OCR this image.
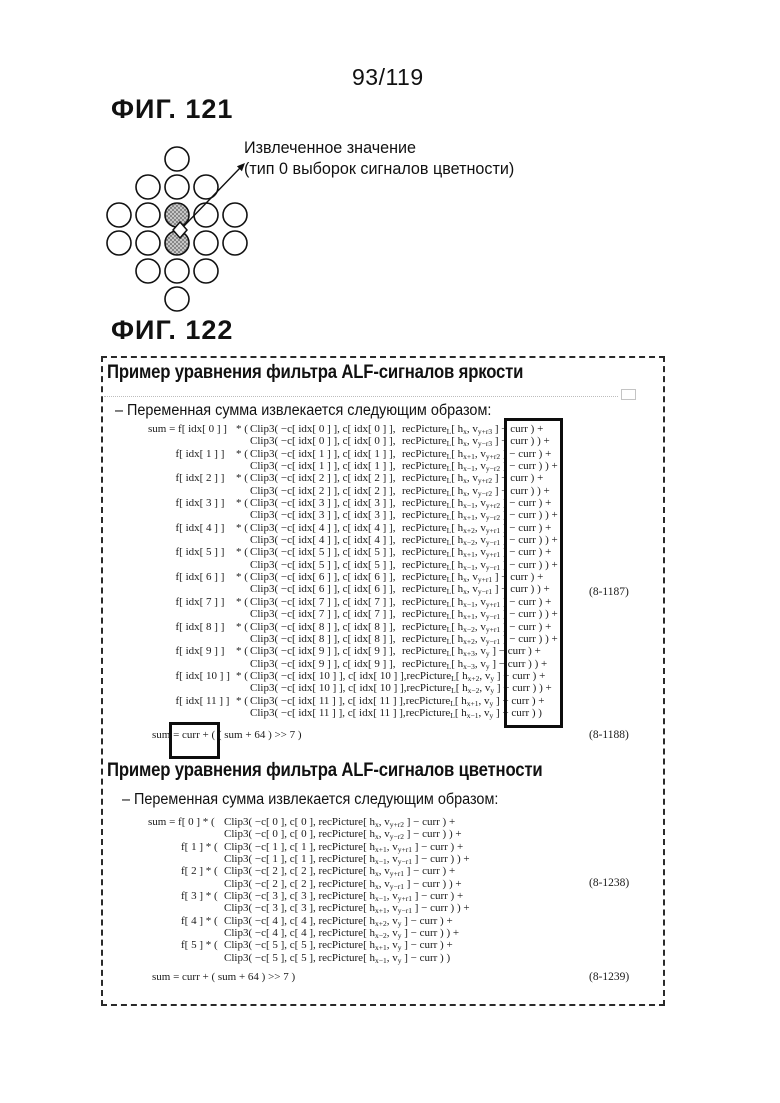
93/119
ФИГ. 121
Извлеченное значение
(тип 0 выборок сигналов цветности)
ФИГ. 122
Пример уравнения фильтра ALF-сигналов яркости
– Переменная сумма извлекается следующим образом:
sum = f[ idx[ 0 ] ] * ( Clip3( −c[ idx[ 0 ] ], c[ idx[ 0 ] ], recPicture$_L$[ $h_x$, $v_{y+r3}$ ] − curr ) +
Clip3( −c[ idx[ 0 ] ], c[ idx[ 0 ] ], recPicture$_L$[ $h_x$, $v_{y-r3}$ ] − curr ) ) +
f[ idx[ 1 ] ]	* ( Clip3( −c[ idx[ 1 ] ], c[ idx[ 1 ] ], recPicture$_L$[ $h_{x+1}$, $v_{y+r2}$ ] − curr ) +
Clip3( −c[ idx[ 1 ] ], c[ idx[ 1 ] ], recPicture$_L$[ $h_{x-1}$, $v_{y-r2}$ ] − curr ) ) +
f[ idx[ 2 ] ]	* ( Clip3( −c[ idx[ 2 ] ], c[ idx[ 2 ] ], recPicture$_L$[ $h_x$, $v_{y+r2}$ ] − curr ) +
Clip3( −c[ idx[ 2 ] ], c[ idx[ 2 ] ], recPicture$_L$[ $h_x$, $v_{y-r2}$ ] − curr ) ) +
f[ idx[ 3 ] ]	* ( Clip3( −c[ idx[ 3 ] ], c[ idx[ 3 ] ], recPicture$_L$[ $h_{x-1}$, $v_{y+r2}$ ] − curr ) +
Clip3( −c[ idx[ 3 ] ], c[ idx[ 3 ] ], recPicture$_L$[ $h_{x+1}$, $v_{y-r2}$ ] − curr ) ) +
f[ idx[ 4 ] ]	* ( Clip3( −c[ idx[ 4 ] ], c[ idx[ 4 ] ], recPicture$_L$[ $h_{x+2}$, $v_{y+r1}$ ] − curr ) +
Clip3( −c[ idx[ 4 ] ], c[ idx[ 4 ] ], recPicture$_L$[ $h_{x-2}$, $v_{y-r1}$ ] − curr ) ) +
f[ idx[ 5 ] ]	* ( Clip3( −c[ idx[ 5 ] ], c[ idx[ 5 ] ], recPicture$_L$[ $h_{x+1}$, $v_{y+r1}$ ] − curr ) +
Clip3( −c[ idx[ 5 ] ], c[ idx[ 5 ] ], recPicture$_L$[ $h_{x-1}$, $v_{y-r1}$ ] − curr ) ) +
f[ idx[ 6 ] ]	* ( Clip3( −c[ idx[ 6 ] ], c[ idx[ 6 ] ], recPicture$_L$[ $h_x$, $v_{y+r1}$ ] − curr ) +
Clip3( −c[ idx[ 6 ] ], c[ idx[ 6 ] ], recPicture$_L$[ $h_x$, $v_{y-r1}$ ] − curr ) ) +
f[ idx[ 7 ] ]	* ( Clip3( −c[ idx[ 7 ] ], c[ idx[ 7 ] ], recPicture$_L$[ $h_{x-1}$, $v_{y+r1}$ ] − curr ) +
Clip3( −c[ idx[ 7 ] ], c[ idx[ 7 ] ], recPicture$_L$[ $h_{x+1}$, $v_{y-r1}$ ] − curr ) ) +
f[ idx[ 8 ] ]	* ( Clip3( −c[ idx[ 8 ] ], c[ idx[ 8 ] ], recPicture$_L$[ $h_{x-2}$, $v_{y+r1}$ ] − curr ) +
Clip3( −c[ idx[ 8 ] ], c[ idx[ 8 ] ], recPicture$_L$[ $h_{x+2}$, $v_{y-r1}$ ] − curr ) ) +
f[ idx[ 9 ] ]	* ( Clip3( −c[ idx[ 9 ] ], c[ idx[ 9 ] ], recPicture$_L$[ $h_{x+3}$, $v_y$ ] − curr ) +
Clip3( −c[ idx[ 9 ] ], c[ idx[ 9 ] ], recPicture$_L$[ $h_{x-3}$, $v_y$ ] − curr ) ) +
f[ idx[ 10 ] ] * ( Clip3( −c[ idx[ 10 ] ], c[ idx[ 10 ] ], recPicture$_L$[ $h_{x+2}$, $v_y$ ] − curr ) +
Clip3( −c[ idx[ 10 ] ], c[ idx[ 10 ] ], recPicture$_L$[ $h_{x-2}$, $v_y$ ] − curr ) ) +
f[ idx[ 11 ] ] * ( Clip3( −c[ idx[ 11 ] ], c[ idx[ 11 ] ], recPicture$_L$[ $h_{x+1}$, $v_y$ ] − curr ) +
Clip3( −c[ idx[ 11 ] ], c[ idx[ 11 ] ], recPicture$_L$[ $h_{x-1}$, $v_y$ ] − curr ) )
(8-1187)
sum = curr + ( ( sum + 64 ) >> 7 )	(8-1188)
Пример уравнения фильтра ALF-сигналов цветности
– Переменная сумма извлекается следующим образом:
sum = f[ 0 ] * ( Clip3( −c[ 0 ], c[ 0 ], recPicture[ $h_x$, $v_{y+r2}$ ] − curr ) +
Clip3( −c[ 0 ], c[ 0 ], recPicture[ $h_x$, $v_{y-r2}$ ] − curr ) ) +
f[ 1 ] * ( Clip3( −c[ 1 ], c[ 1 ], recPicture[ $h_{x+1}$, $v_{y+r1}$ ] − curr ) +
Clip3( −c[ 1 ], c[ 1 ], recPicture[ $h_{x-1}$, $v_{y-r1}$ ] − curr ) ) +
f[ 2 ] * ( Clip3( −c[ 2 ], c[ 2 ], recPicture[ $h_x$, $v_{y+r1}$ ] − curr ) +
Clip3( −c[ 2 ], c[ 2 ], recPicture[ $h_x$, $v_{y-r1}$ ] − curr ) ) +
f[ 3 ] * ( Clip3( −c[ 3 ], c[ 3 ], recPicture[ $h_{x-1}$, $v_{y+r1}$ ] − curr ) +
Clip3( −c[ 3 ], c[ 3 ], recPicture[ $h_{x+1}$, $v_{y-r1}$ ] − curr ) ) +
f[ 4 ] * ( Clip3( −c[ 4 ], c[ 4 ], recPicture[ $h_{x+2}$, $v_y$ ] − curr ) +
Clip3( −c[ 4 ], c[ 4 ], recPicture[ $h_{x-2}$, $v_y$ ] − curr ) ) +
f[ 5 ] * ( Clip3( −c[ 5 ], c[ 5 ], recPicture[ $h_{x+1}$, $v_y$ ] − curr ) +
Clip3( −c[ 5 ], c[ 5 ], recPicture[ $h_{x-1}$, $v_y$ ] − curr ) )
(8-1238)
sum = curr + ( sum + 64 ) >> 7 )	(8-1239)
